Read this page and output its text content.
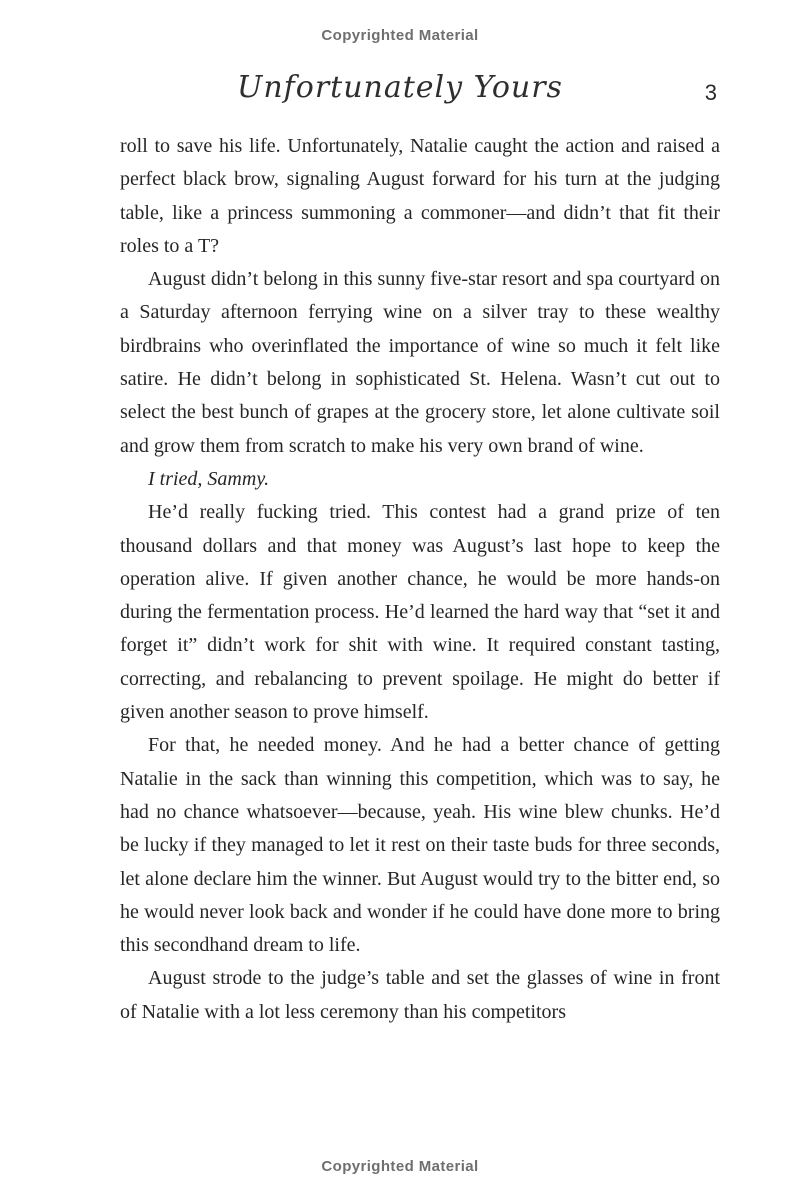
Copyrighted Material
Unfortunately Yours	3

roll to save his life. Unfortunately, Natalie caught the action and raised a perfect black brow, signaling August forward for his turn at the judging table, like a princess summoning a commoner—and didn’t that fit their roles to a T?

August didn’t belong in this sunny five-star resort and spa courtyard on a Saturday afternoon ferrying wine on a silver tray to these wealthy birdbrains who overinflated the importance of wine so much it felt like satire. He didn’t belong in sophisticated St. Helena. Wasn’t cut out to select the best bunch of grapes at the grocery store, let alone cultivate soil and grow them from scratch to make his very own brand of wine.

I tried, Sammy.

He’d really fucking tried. This contest had a grand prize of ten thousand dollars and that money was August’s last hope to keep the operation alive. If given another chance, he would be more hands-on during the fermentation process. He’d learned the hard way that “set it and forget it” didn’t work for shit with wine. It required constant tasting, correcting, and rebalancing to prevent spoilage. He might do better if given another season to prove himself.

For that, he needed money. And he had a better chance of getting Natalie in the sack than winning this competition, which was to say, he had no chance whatsoever—because, yeah. His wine blew chunks. He’d be lucky if they managed to let it rest on their taste buds for three seconds, let alone declare him the winner. But August would try to the bitter end, so he would never look back and wonder if he could have done more to bring this secondhand dream to life.

August strode to the judge’s table and set the glasses of wine in front of Natalie with a lot less ceremony than his competitors

Copyrighted Material
